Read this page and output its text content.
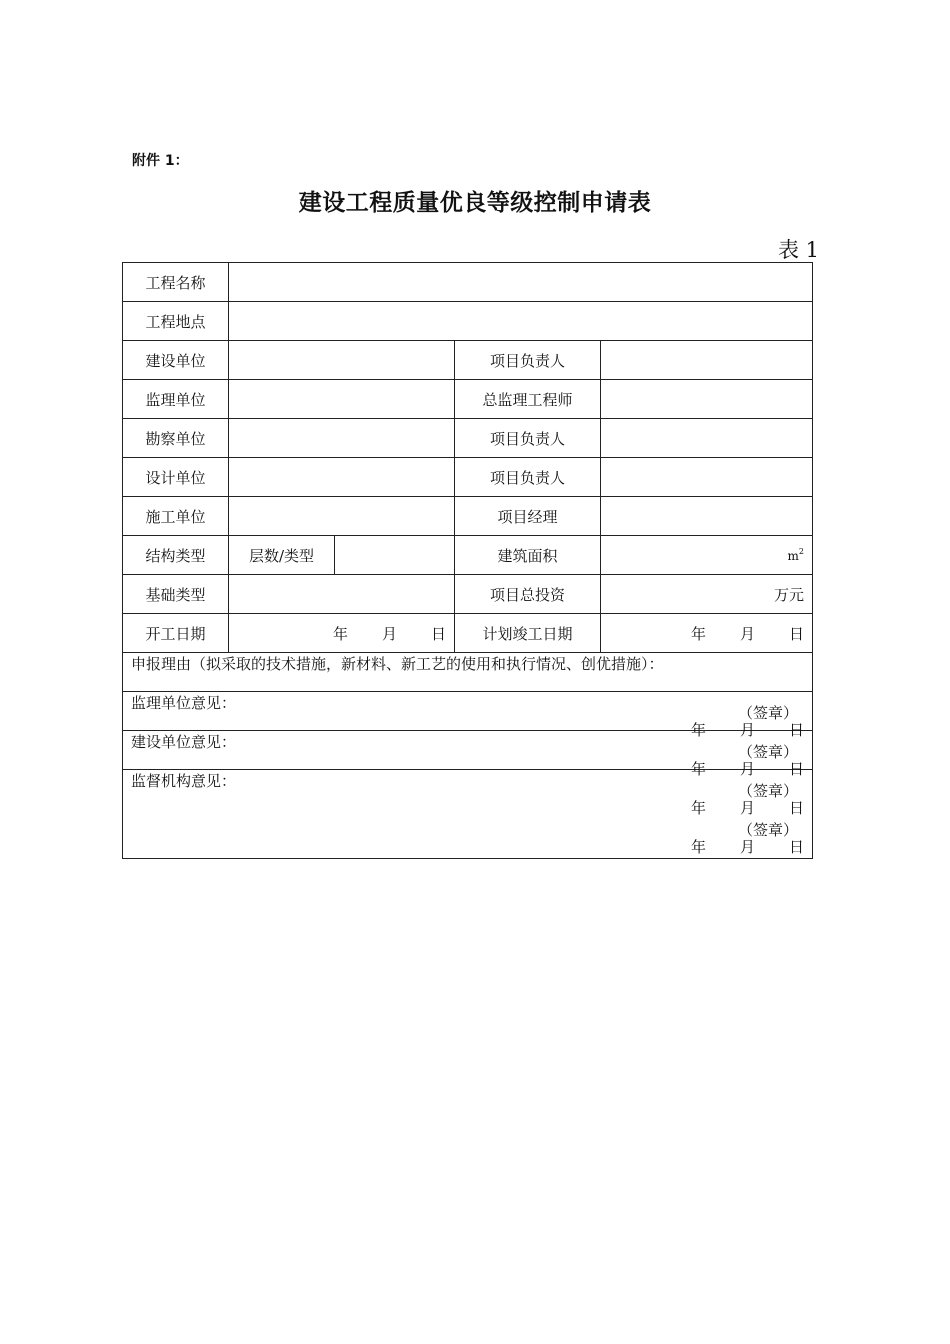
附件 1：
建设工程质量优良等级控制申请表
表 1
工程名称				
工程地点				
建设单位			项目负责人	
监理单位			总监理工程师	
勘察单位			项目负责人	
设计单位			项目负责人	
施工单位			项目经理	
结构类型	层数/类型		建筑面积	$m^2$
基础类型			项目总投资	万元
开工日期	年 月 日		计划竣工日期	年 月 日

申报理由（拟采取的技术措施，新材料、新工艺的使用和执行情况、创优措施）：
（签章）
年 月 日				

监理单位意见：
（签章）
年 月 日				

建设单位意见：
（签章）
年 月 日				

监督机构意见：
（签章）
年 月 日				
